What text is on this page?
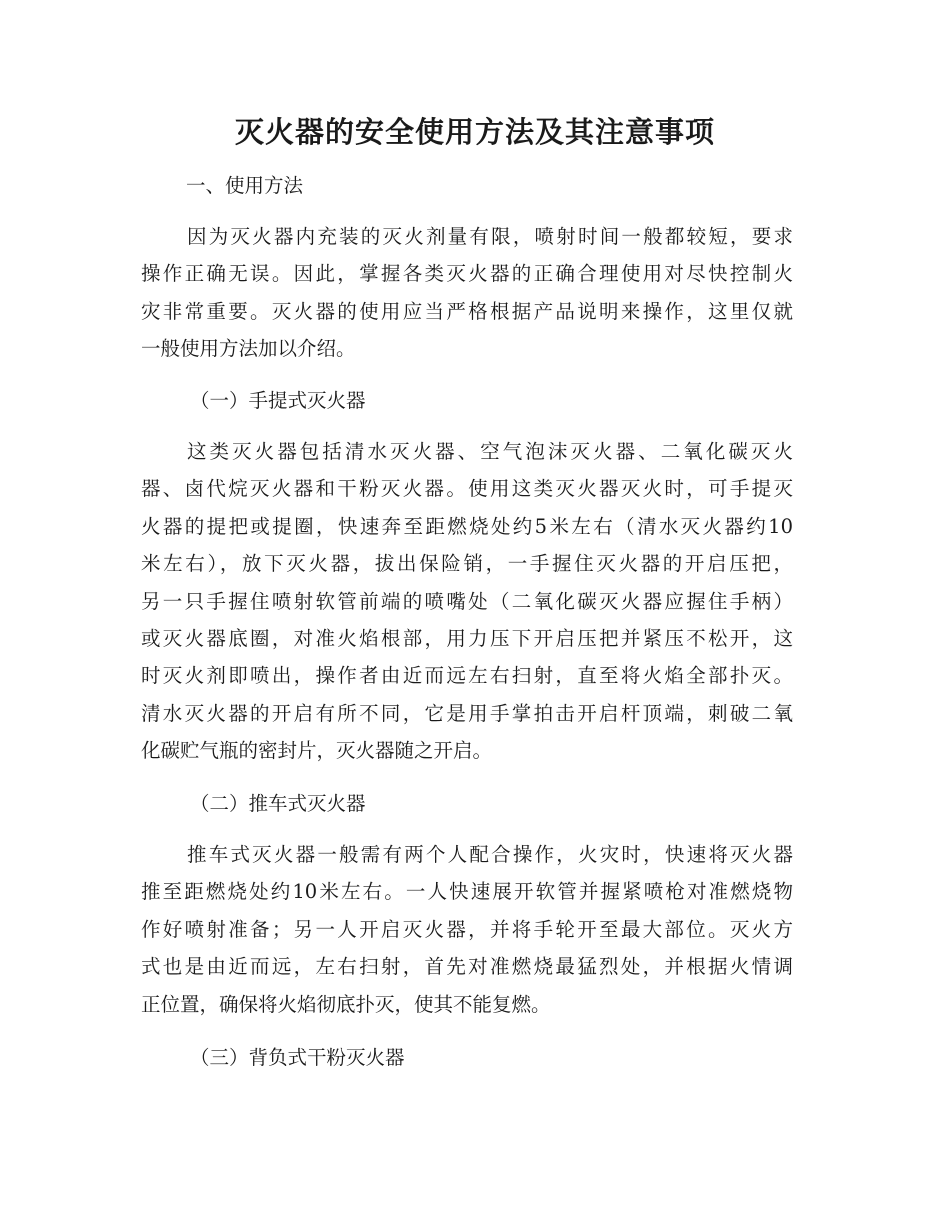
灭火器的安全使用方法及其注意事项

一、使用方法

因为灭火器内充装的灭火剂量有限，喷射时间一般都较短，要求
操作正确无误。因此，掌握各类灭火器的正确合理使用对尽快控制火
灾非常重要。灭火器的使用应当严格根据产品说明来操作，这里仅就
一般使用方法加以介绍。

（一）手提式灭火器

这类灭火器包括清水灭火器、空气泡沫灭火器、二氧化碳灭火
器、卤代烷灭火器和干粉灭火器。使用这类灭火器灭火时，可手提灭
火器的提把或提圈，快速奔至距燃烧处约5米左右（清水灭火器约10
米左右），放下灭火器，拔出保险销，一手握住灭火器的开启压把，
另一只手握住喷射软管前端的喷嘴处（二氧化碳灭火器应握住手柄）
或灭火器底圈，对准火焰根部，用力压下开启压把并紧压不松开，这
时灭火剂即喷出，操作者由近而远左右扫射，直至将火焰全部扑灭。
清水灭火器的开启有所不同，它是用手掌拍击开启杆顶端，刺破二氧
化碳贮气瓶的密封片，灭火器随之开启。

（二）推车式灭火器

推车式灭火器一般需有两个人配合操作，火灾时，快速将灭火器
推至距燃烧处约10米左右。一人快速展开软管并握紧喷枪对准燃烧物
作好喷射准备；另一人开启灭火器，并将手轮开至最大部位。灭火方
式也是由近而远，左右扫射，首先对准燃烧最猛烈处，并根据火情调
正位置，确保将火焰彻底扑灭，使其不能复燃。

（三）背负式干粉灭火器
